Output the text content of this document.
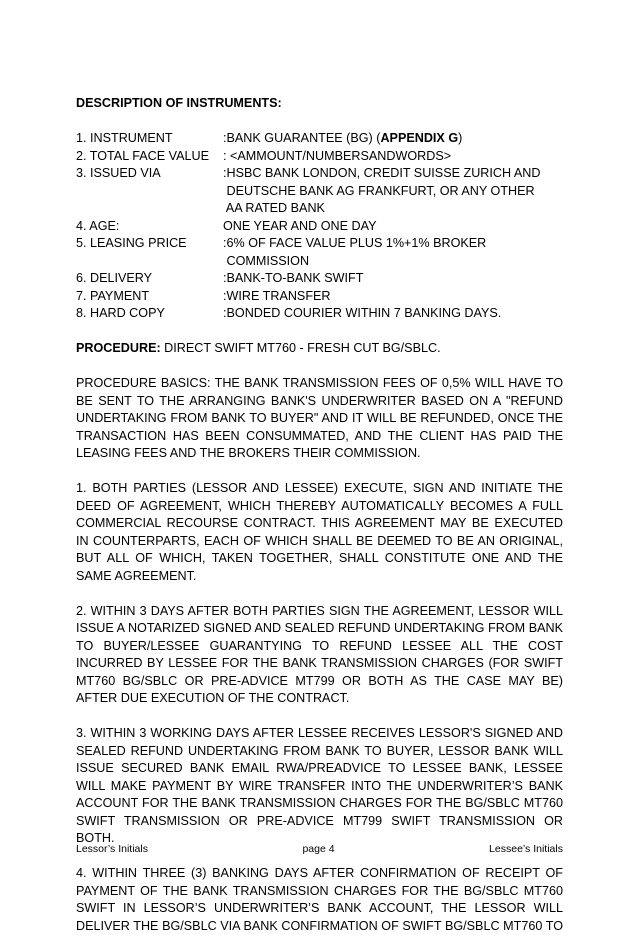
DESCRIPTION OF INSTRUMENTS:

1. INSTRUMENT	:BANK GUARANTEE (BG) (APPENDIX G)
2. TOTAL FACE VALUE	: <AMMOUNT/NUMBERSANDWORDS>

3. ISSUED VIA	:HSBC BANK LONDON, CREDIT SUISSE ZURICH AND
DEUTSCHE BANK AG FRANKFURT, OR ANY OTHER
AA RATED BANK

4. AGE:	ONE YEAR AND ONE DAY

5. LEASING PRICE	:6% OF FACE VALUE PLUS 1%+1% BROKER
COMMISSION

6. DELIVERY	:BANK-TO-BANK SWIFT

7. PAYMENT	:WIRE TRANSFER

8. HARD COPY	:BONDED COURIER WITHIN 7 BANKING DAYS.

PROCEDURE: DIRECT SWIFT MT760 - FRESH CUT BG/SBLC.

PROCEDURE BASICS: THE BANK TRANSMISSION FEES OF 0,5% WILL HAVE TO BE SENT TO THE ARRANGING BANK'S UNDERWRITER BASED ON A "REFUND UNDERTAKING FROM BANK TO BUYER" AND IT WILL BE REFUNDED, ONCE THE TRANSACTION HAS BEEN CONSUMMATED, AND THE CLIENT HAS PAID THE LEASING FEES AND THE BROKERS THEIR COMMISSION.

1. BOTH PARTIES (LESSOR AND LESSEE) EXECUTE, SIGN AND INITIATE THE DEED OF AGREEMENT, WHICH THEREBY AUTOMATICALLY BECOMES A FULL COMMERCIAL RECOURSE CONTRACT. THIS AGREEMENT MAY BE EXECUTED IN COUNTERPARTS, EACH OF WHICH SHALL BE DEEMED TO BE AN ORIGINAL, BUT ALL OF WHICH, TAKEN TOGETHER, SHALL CONSTITUTE ONE AND THE SAME AGREEMENT.

2. WITHIN 3 DAYS AFTER BOTH PARTIES SIGN THE AGREEMENT, LESSOR WILL ISSUE A NOTARIZED SIGNED AND SEALED REFUND UNDERTAKING FROM BANK TO BUYER/LESSEE GUARANTYING TO REFUND LESSEE ALL THE COST INCURRED BY LESSEE FOR THE BANK TRANSMISSION CHARGES (FOR SWIFT MT760 BG/SBLC OR PRE-ADVICE MT799 OR BOTH AS THE CASE MAY BE) AFTER DUE EXECUTION OF THE CONTRACT.

3. WITHIN 3 WORKING DAYS AFTER LESSEE RECEIVES LESSOR'S SIGNED AND SEALED REFUND UNDERTAKING FROM BANK TO BUYER, LESSOR BANK WILL ISSUE SECURED BANK EMAIL RWA/PREADVICE TO LESSEE BANK, LESSEE WILL MAKE PAYMENT BY WIRE TRANSFER INTO THE UNDERWRITER’S BANK ACCOUNT FOR THE BANK TRANSMISSION CHARGES FOR THE BG/SBLC MT760 SWIFT TRANSMISSION OR PRE-ADVICE MT799 SWIFT TRANSMISSION OR BOTH.

4. WITHIN THREE (3) BANKING DAYS AFTER CONFIRMATION OF RECEIPT OF PAYMENT OF THE BANK TRANSMISSION CHARGES FOR THE BG/SBLC MT760 SWIFT IN LESSOR’S UNDERWRITER’S BANK ACCOUNT, THE LESSOR WILL DELIVER THE BG/SBLC VIA BANK CONFIRMATION OF SWIFT BG/SBLC MT760 TO

Lessor’s Initials	page 4	Lessee’s Initials
